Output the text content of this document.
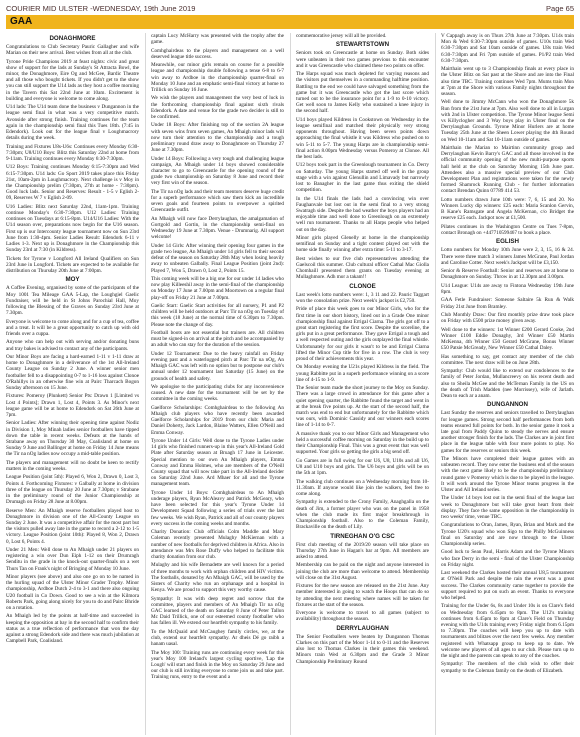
COURIER MID ULSTER -WEDNESDAY, 19th June 2019	Page 65
GAA
DONAGHMORE

Congratulations to Club Secretary Pauric Gallagher and wife Marian on their new arrival. Best wishes from all at the club.

Tyrone Pride Champions 2019 at feast nights: civic and great show of support for the lads at Sunday's St Attracta Bowl, the minor, the Donaghmore, Eire Og and McGee, Bardic Theatre and all those who bought tickets. If you didn't get to the show you can still support the U14 lads as they host a coffee morning in the Tavern this Sat 22nd June at 10am. Excitement is building and everyone is welcome to come along.

U14 lads: The U14 team done the business v Dungannon in the league semi final in what was a very competitive match. Avonside after strong finish. Training continues for the team again in the championship semi final this Tues 18th. (7:45 in Edendork). Look out for the league final v Loughmacrory details during the week.

Training and Fixtures U8s-U6s: Continues every Monday 6:30-7:30pm; U8/U10 Boys: Blitz this Saturday 22nd at home from 9-11am. Training continues every Monday 6:30-7:30pm.

U12 Boys: Training continues Monday 6:15-7:30pm and Wed 6:15-7:30pm. U14 lads: Go Sport 2019 takes place this Friday 21st, 10am-2pm in Loughmacrory. Next challenge is v Moy in the Championship prelim (7:30pm, 27th at home - 7:30pm). Good luck lads. Senior and Reserves: Result - 1-5 v Eglish 2-09, Reserves W 7 v Eglish 2-09.

U16 Ladies: Blitz next Saturday 22nd, 11am-1pm. Training continue Monday's 6:30-7:30pm. U12 Ladies: Training continues on Tuesdays at 6:15-8pm. U14/U16 Ladies: With the U14 season over, preparations now begin for the U16 season. First up is our Intercounty league tournament now on Sun 23rd June from 1:30-4pm. Senior Ladies Result: Edendork 6-11 v Ladies 1-3. Next up is Donaghmore in the Championship this Sunday 23rd at 7:30 (in Kildress).

Tickets for Tyrone v Longford All Ireland Qualifiers on Sun 23rd June in Longford. Tickets are expected to be available for distribution on Thursday 20th June at 7:00pm.

MOY

A Coffee Evening, organised by some of the participants of the Moy 1001 Tea Mileage GAA 5-Lap, the Loughgiel Gaelic Fundraiser, will be held in St Johns Parochial Hall, Moy following the Blessing of the Graves on Sunday 23rd June at 7.30pm.

Everyone is welcome to come along and for a cup of tea, coffee and a treat. It will be a great opportunity to catch up with old friends over a cuppa.

Anyone who can help out with serving and/or donating buns and tray bakes is advised to contact any of the participants.

Our Minor Boys are facing a hard-earned 1-11 v 1-11 draw at home to Donaghmore in a deliverance of the 1st All-Ireland County League on Sunday 2 June. A winner senior men footballer fell to a disappointing 0-7 to 1-16 loss against Clonoe O'Rahillys in an otherwise fine win at Pairc Tharcach Bogon Sunday afternoon on 15 June.

Fixtures: Pomeroy (Plunkett) Senior Pts: Drawn 1 [Limited vs Lost 4 Points]; Drawn 1, Lost 4, Points 3. As Minor's next league game will be at home to Edendork on Sat 26th June at 7pm.

Senior Ladies: After winning their opening time against Nodiz in Division 1, Moy Minah ladies senior footballers have tipped down the table in recent weeks. Defeats at the hands of Strabane away on Thursday 30 May, Coalisland at home on Sunday 9 June and Ballinger at home on Friday 14 June means the Tir na nOg ladies now occupy a mid-table position.

The players and management will no doubt be keen to rectify matters in the coming weeks.

League Position (joint 5th): Played 6, Won 2, Drawn 0, Lost 3, Points 4. Forthcoming Fixtures: v Galbally at home in division three of the league on Thursday 20 June at 7.30pm; v Strabane in the preliminary round of the Junior Championship at Drumagh on Friday 28 June at 8.00pm.

Reserve Men: An Mhaigh reserve footballers played host to Donaghmore in division one of the All-County League on Sunday 2 June. It was a competitive affair for the most part but the visitors pulled away late in the game to record a 2-12 to 1-5 victory. League Position (joint 10th): Played 8, Won 2, Drawn 0, Lost 6, Points 4.

Under 21 Men: Well done to An Mhaigh under 21 players on registering a win over Dun Eiph 1-12 on their Drumragh Senditu in the grade in the knock-out quarter-finals on a wet Thurs Tan on Frank's night of Bringing of Monday 10 June.

Minor players (see above) and also one go on to be named in the hurling squad of the Ulster Minor Grader Trophy. Minor championship, Ardboe Dutch 2-4 to 3-1 and there also ongoing U20 football in Co Down. Good to see a win at the Kilmora Roberts Park, going along nicely for you to do and Pairc Bhride on a rotation.

An Mhaigh led by the points at half-time and succeeded in keeping the opposition at bay in the second half to confirm their status as a true reflection of performance that won the day against a strong Edendork side and there was much jubilation at Campbell Park, Coalisland.

captain Lucy McHarry was presented with the trophy after the game.

Comhghairdeas to the players and management on a well deserved league title success.

Meanwhile, our minor girls remain on course for a possible league and championship double following a tense 6-8 to 6-7 win away to Ardboe in the championship quarter-final on Monday 10 June and an emphatic semi-final victory at home to Trillick on Sunday 16 June.

We wish the players and management the very best of luck in the forthcoming championship final against sixth rivals Edendork. A date and venue for the grade two decider is still to be confirmed.

Under 18 Boys: After finishing top of the section 2A league with seven wins from seven games, An Mhaigh minor lads will now turn their attention to the championship and a tough preliminary round draw away to Donaghmore on Thursday 27 June at 7.30pm.

Under 14 Boys: Following a very tough and challenging league campaign, An Mhaigh under 14 boys showed considerable character to go to Greencastle for the opening round of the grade two championship on Saturday 8 June and record their very first win of the season.

The Tir na nOg lads and their team mentors deserve huge credit for a superb performance which saw them kick an incredible seven goals and fourteen points to overpower a spirited Greencastle outfit.

An Mhaigh will now face Derrylaughan, the amalgamation of Gortgold and Gortin, in the championship semi-final on Wednesday 19 June at 7.30pm. Venue - Drumnarig. All support welcome!

Under 14 Girls: After winning their opening four games in the grade two league, An Mhaigh under 14 girls fell to their second defeat of the season on Saturday 28th May when losing heavily away to unbeaten Galbally. Final League Position (joint 2nd): Played 7, Won 5, Drawn 0, Lost 2, Points 15.

This coming week will be a big one for our under 14 ladies who now play Killeeshil away in the semi-final of the championship on Monday 17 June at 7.00pm and Moortown on a regular final play-off on Friday 21 June at 7.00pm.

Gaelic Start: Gaelic Start activities for all nursery, P1 and P2 children will be held outdoors at Parc Tir na nOg on Tuesday of this week (18 June) at the normal time of 6.30pm to 7.30pm. Please note the change of day.

Football boots are not essential but trainers are. All children must be signed-in on arrival at the pitch and be accompanied by an adult who can stay for the duration of the session.

Under 12 Tournament: Due to the heavy rainfall on Friday evening past and a waterlogged pitch at Parc Tir na nOg, An Mhaigh GAC was left with no option but to postpone our club's annual under 12 tournament last Saturday (15 June) on the grounds of health and safety.

We apologise to the participating clubs for any inconvenience caused. A new date for the tournament will be set by the committee in the coming weeks.

Gaelforce Scholarships: Comhghairdeas to the following An Mhaigh club players who have recently been awarded Gaelforce Scholarships for 2019 from our club: Maria and Daniel Doherty, Jack Lardon, Blaine Watters, Ellen O'Neill and Emma Conway.

Tyrone Under 14 Girls: Well done to the Tyrone Ladies under 14 girls who finished runners-up in this year's All-Ireland Gold Plate after Saturday season at Bruagh 17 June in Leicester. Special mention to our own An Mhaigh players, Emma Conway and Emma Holmes, who are members of the O'Neill County squad that will now take part in the All-Ireland decider on Saturday 22nd June. Ard Mhaer for all and the Tyrone management team.

Tyrone Under 14 Boys: Comhghairdeas to An Mhaigh underage players, Ryan McAleavy and Patrick McGeary, who have been selected for this year's Tyrone Under 14 Development Squad following a series of trials over the last few weeks. We wish Ryan, Patrick and all of our county players every success in the coming weeks and months.

Charity Donation: Club officials Colm Maddle and Mary Coleman recently presented Mulaghy McKiernan with a number of new footballs for deprived children in Africa. Also in attendance was Mrs Rose Duffy who helped to facilitate this charity donation from our club.

Mulaghy and his wife Bernadette are well known for a period of three months to work with orphan children and HIV victims. The footballs, donated by An Mhaigh GAC, will be used by the Sisters of Charity who run an orphanage and a hospital in Kenya. We are proud to support this very worthy cause.

Sympathy: It was with deep regret and sorrow that the committee, players and members of An Mhaigh Tir na nOg GAC learned of the death on Saturday 8 June of Peter Tallon Mc Daid Trillick, one of our esteemed county footballer who has fallen ill. We extend our heartfelt sympathy to his family.

To the McQuaid and McCaughey family circles, we, at the club, extend our heartfelt sympathy. Ar dheis Dé go raibh a hanam uasal.

The Moy 100: Training runs are continuing every week for this year's Moy 100 Ireland's largest cycling sportive, 'Lap the Lough' will start and finish in the Moy on Saturday 29 June and our club is still inviting everyone to come join us and take part. Training runs, entry to the event and a

commemorative jersey will all be provided.

STEWARTSTOWN

Seniors took on Greencastle at home on Sunday. Both sides were unbeaten in their two games previous to this encounter and it was Greencastle who claimed these two points on offer.

The Harps squad was much depleted for varying reasons and the visitors put themselves in a commanding halftime position. Battling to the end we could have salvaged something from the game but it was Greencastle who got the last score which turned out to be the insurance point for a 1-9 to 0-10 victory. Get well soon to James Kelly who sustained a knee injury in the second half.

U14 boys played Kildress in Cookstown on Wednesday in the league semifinal and matched their physically very strong opponents throughout. Having been seven points down approaching the final whistle it was Kildress who pushed on to win 5-11 to 5-7. The young Harps are in championship semi-final action 8.00pm Wednesday versus Pomeroy at Clonoe. All the best lads.

U12 boys took part in the Greenlough tournament in Co. Derry on Saturday. The young Harps started off well in the group stage with a win against Glenullin and Limavady but narrowly lost to Banagher in the last game thus exiting the shield competition.

In the U14 finals the lads had a convincing win over Faughanvale but lost out in the semi final to a very strong Swatragh side. Despite the bad weather the boys players had an enjoyable time and well done to Greenlough on an extremely well run tournament. Thanks to all Harps people who helped out on the day.

Minor girls played Glenelly at home in the championship semifinal on Sunday and a tight contest played out with the home side finally winning after extra time: 5-11 to 3-17.

Best wishes to our five club representatives attending the Gaelscoil this summer. Club cultural officer Cathal Mac Giolla Chomhaill presented them grants on Tuesday evening at Mullaghmore. Adh mor a takam!!

CLONOE

Last week's lotto numbers were: 1, 3 11 and 22. Pauric Taggart won the consolation prize. Next week's jackpot is £2,750.

Pride of place this week goes to our Minor Girls, who for the first time in our short history, lined out in a Grade One minor championship final against Errigal Ciarna. The girls got off to a great start registering the first score. Despite the scoreline, the girls put in a great performance. They gave Errigal a tough and a well respected outing and the girls outplayed the final whistle. Unfortunately for our girls it wasn't to be and Errigal Ciarna lifted the Minor Cup title for five in a row. The club is very proud of their achievements this year.

On Monday evening the U21s played Kildress in the field. The young Rabbitte put in a superb performance winning on a score line of 4-15 to 1-9.

The Senior team made the short journey to the Moy on Sunday. There was a large crowd in attendance for this game after a quiet opening quarter, the Rabbitte found the target and went in at the break five points up. At the start of the second half, the match was end to end but unfortunately for the Rabbitte which was ours, with Dominic Cassidy and our winners each scores line of 1-14 to 0-7.

A massive thank you to our Minor Girls and Management who held a successful coffee morning on Saturday in the build up to their Championship Final. This was a great event that was well supported. Your girls so getting the girls a big send off.

Go Games are in full swing for our U6, U8, U10s and all U6, U8 and U10 boys and girls. The U6 boys and girls will be on the 5th at 1pm.

The walking club continues on a Wednesday morning from 10-11.30am. If anyone would like join the walkers, feel free to come along.

Sympathy is extended to the Crony Family, Anaghgalla on the death of Jim, a former player who was on the panel in 1958 when the club made its first major breakthrough in Championship football. Also to the Coleman Family, Brackaville on the death of Lily.

TIRNEGHAN O'G CSC

First club meeting of the 2019/20 season will take place on Thursday 27th June in Hagan's bar at 9pm. All members are asked to attend.

Membership can be paid on the night and anyone interested in joining the club are more than welcome to attend. Membership will close on the 31st August.

Fixtures for the new season are released on the 21st June. Any member interested in going to watch the Hoops that can do so by attending the next meeting where names will be taken for fixtures at the start of the season.

Everyone is welcome to travel to all games (subject to availability) throughout the season.

DERRYLAUGHAN

The Senior Footballers were beaten by Dungannon Thomas Clarkes on this part of the Moor 1-14 to 0-11 and the Reserves also lost to Thomas Clarkes in their games this weekend. Minors train Wed at 6.30pm and the Grade 3 Minor Championship Preliminary Round

V Cappagh away is on Thurs 27th June at 7:30pm. U14s train Mon & Wed 6:30-7:30pm outside of games. U10s train Wed 6:30-7:30pm and Sat 10am outside of games. U8s train Wed 6:30-7:30pm and Fri 7pm outside of games. P1/P2 train Wed 6:30-7:30pm.

Mairthain went up to 3 Championship finals at every place in the Ulster Blitz on Sat past at the Shore and are into the Final also time TBC. Training continues Wed 7pm. Mums train Mon at 7pm at the Shore with various Family nights throughout the season.

Well done to Jimmy McCann who won the Donaghmore 5k Run from the 21st June at 7pm. Also well done to all in Lurgan with 2nd in Ulster competition. The Tyrone Minor league Semi vs Killyclogher and 3 Way boys play in Ulster final on the Derrylaughan Grounds. Tyrone Minor Hurlers are at home Tuesday 25th June at the Sheen Lower playing the 4th Round on Wed 10-11am and Sat 10-11am outside of games.

Mairthain the Marian to Mairtinn community group and Derrylaughan Kevin Barry's GAC and all those involved in the official community opening of the new multi-purpose sports hall held at the club on Saturday Morning 15th June past. Attendees also a massive special preview of our Club Development Plan and registrations were taken for the newly formed Shamrock Running Club - for further information contact Brendan Quinn 07789 414 53.

Lotto numbers drawn June 10th were: 7, 6, 15 and 20. No Winners Lucky dip winners: £25 each: Maria Scanlon Gervin, B Kane's Ramsgate and Angela McKernan, c/o Bridget the reserve £25 each. Jackpot now at £1,500.

Pilates continues in the Washington Centre on Tues 7-8pm, contact Bronagh on +447710599467 to book a place.

EGLISH

Lotto numbers for Monday 10th June were 2, 3, 15, 16 & 24. There were three match 3 winners James McGrane, Paul Jordan and Caroline Cotter. Next week's Jackpot will be £3,150.

Senior & Reserve Football: Senior and reserves are at home to Donaghmore on Sunday. Throw in at 12.30pm and 3.00pm.

U14 League: U14s are away to Fintona Wednesday 19th June 8pm.

GAA Fetle Fundraiser: Someone Saltaire 5k Run & Walk Friday 21st June from Bramley.

Club Monthly Draw: Our first monthly prize draw took place on Friday with £500 prize money given away.

Well done to the winners: 1st Winner £200 Gerard Cooke, 2nd Winner £100 Eddie Donaghy, 3rd Winner £50 Martin McKenna, 4th Winner £50 Gerard McGrane, Bonus Winner £50 Patsie McGready, New Winner £50 Cathal Daley.

Has something to say, get contact any member of the club committee. The next draw will be on June 28th.

Sympathy: Club would like to extend our condolences to the family of Peter Jordan, Mullancreevy on his recent death and also to Sheila McGee and the McTernan Family in the US on the death of Trish Madden (nee Morrissey), wife of Jarlath. Dean to each ar a anam.

DUNGANNON

Last Sunday the reserves and seniors travelled to Derrylaughan for league games. Strong second half performances from both teams ensured full points for both. In the senior game it took a late goal from Paddy Quinn to steady the nerves and ensure another stronger finish for the lads. The Clarkes are in joint first place in the league table with four more points to play. No games for the reserves or seniors this week.

The Minors have completed their league games with an unbeaten record. They now enter the business end of the season with the next game likely to be the championship preliminary round game v Pomeroy which is due to be played in the league. It will work around the Tyrone Minor teams progress in the Ulster and All Ireland series.

The Under 14 boys lost out in the semi final of the league last week to Donaghmore but will take great heart from their display. They face the same opposition in the championship in two weeks' time, venue TBC.

Congratulations to Oran, James, Ryan, Brian and Mark and the Tyrone U20's squad who won Sigo to the Philly McGuinness final on Saturday and are now through to the Ulster Championship series.

Good luck to Sean Paul, Harris Adam and the Tyrone Minors who face Derry in the semi - final of the Ulster Championship on Friday night.

Last weekend the Clarkes hosted their annual U8,5 tournament at O'Neill Park and despite the rain the event was a great success. The Clarkes community came together to provide the support required to put on such an event. Thanks to everyone who helped.

Training for the Under 6s, 8s and Under 10s is on Clare's field on Wednesday from 6.45pm to 8pm. The U12's training continues from 6.45pm to 8pm at Clare's Field on Thursday evening with the U14s training every Friday night from 6.15pm to 7.30pm. The coaches will keep you up to date with tournaments and blitzes over the next few weeks. Any member registered with Whatsapp group to keep up to date. We welcome new players of all ages to our club. Please turn up to the night and the parents can speak to any of the coaches.

Sympathy: The members of the club wish to offer their sympathy to the Coleman family on the death of Elizabeth.
